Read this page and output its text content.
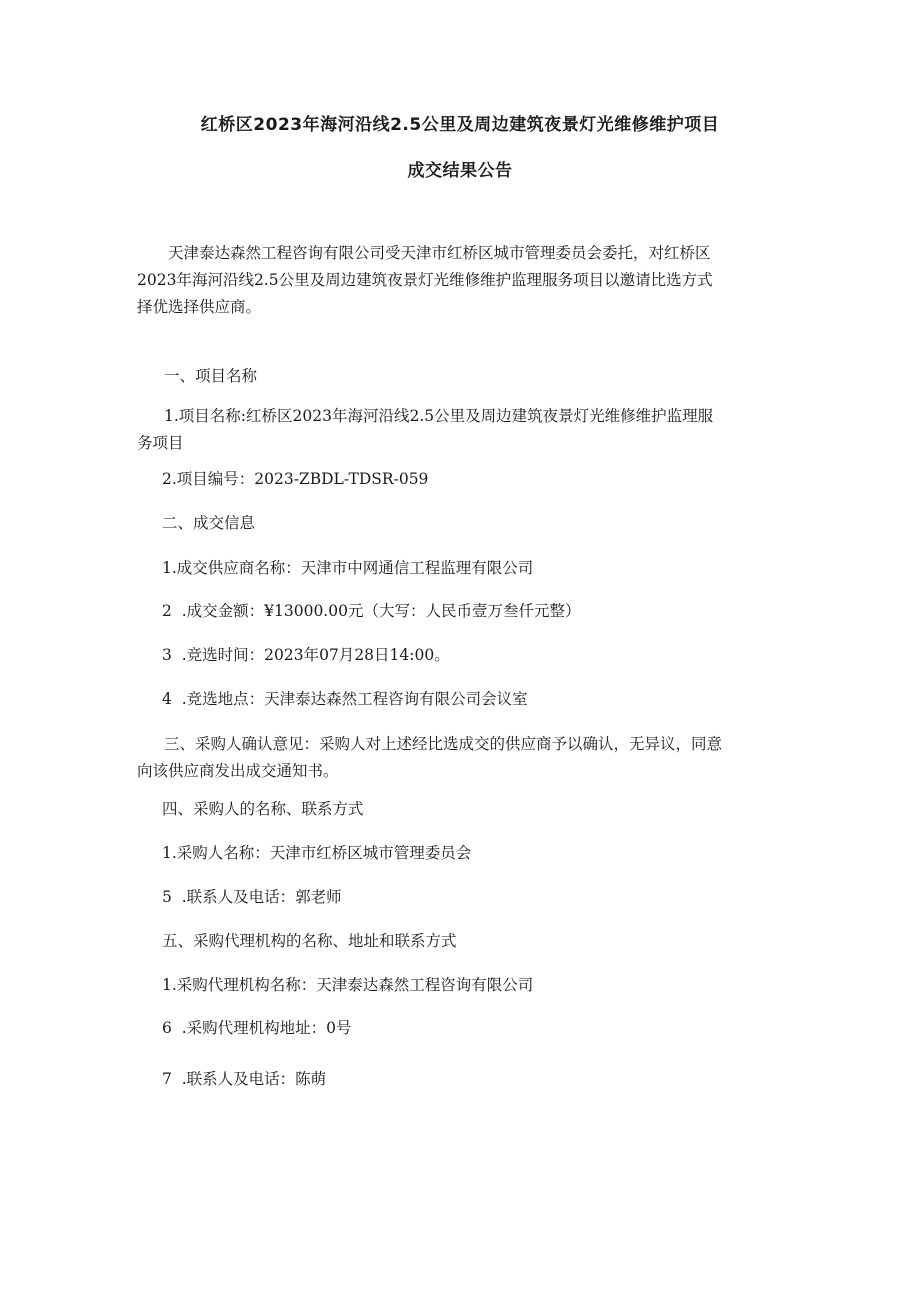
红桥区2023年海河沿线2.5公里及周边建筑夜景灯光维修维护项目
成交结果公告
天津泰达森然工程咨询有限公司受天津市红桥区城市管理委员会委托，对红桥区
2023年海河沿线2.5公里及周边建筑夜景灯光维修维护监理服务项目以邀请比选方式
择优选择供应商。
一、项目名称
1.项目名称:红桥区2023年海河沿线2.5公里及周边建筑夜景灯光维修维护监理服
务项目
2.项目编号：2023-ZBDL-TDSR-059
二、成交信息
1.成交供应商名称：天津市中网通信工程监理有限公司
2  .成交金额：¥13000.00元（大写：人民币壹万叁仟元整）
3  .竞选时间：2023年07月28日14:00。
4  .竞选地点：天津泰达森然工程咨询有限公司会议室
三、采购人确认意见：采购人对上述经比选成交的供应商予以确认，无异议，同意
向该供应商发出成交通知书。
四、采购人的名称、联系方式
1.采购人名称：天津市红桥区城市管理委员会
5  .联系人及电话：郭老师
五、采购代理机构的名称、地址和联系方式
1.采购代理机构名称：天津泰达森然工程咨询有限公司
6  .采购代理机构地址：0号
7  .联系人及电话：陈萌
